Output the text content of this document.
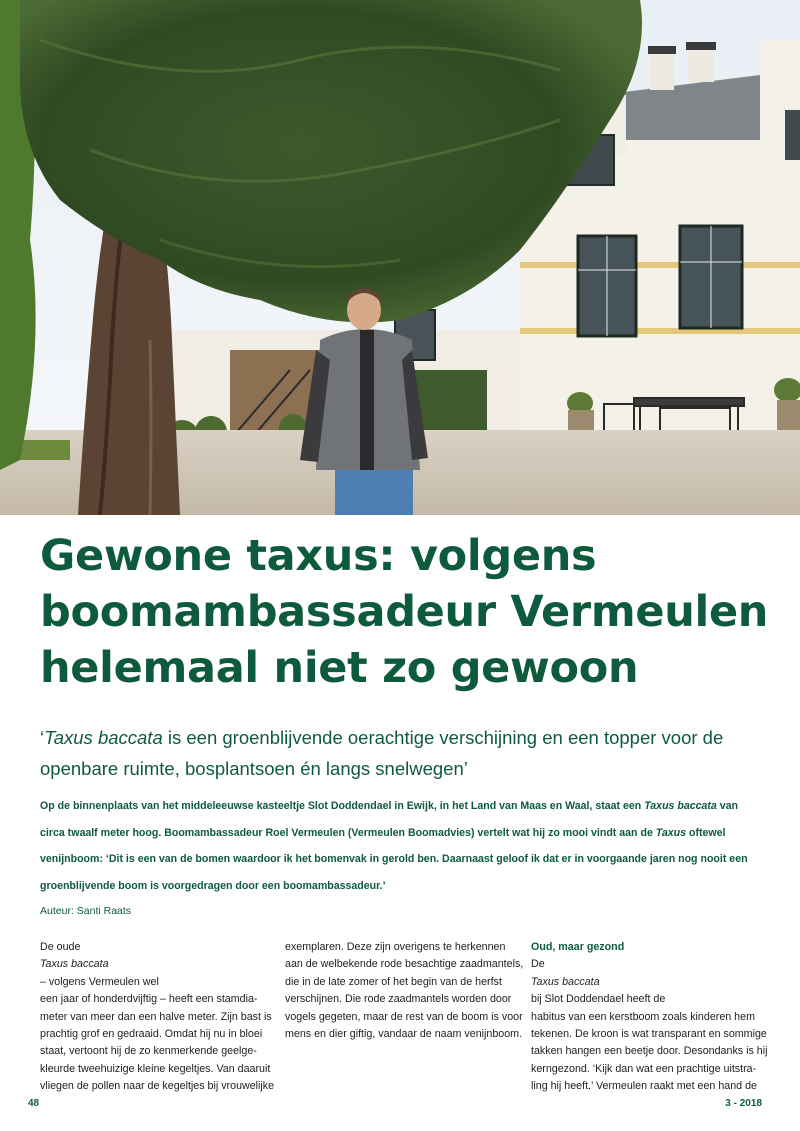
Gewone taxus: volgens
boomambassadeur Vermeulen
helemaal niet zo gewoon
‘Taxus baccata is een groenblijvende oerachtige verschijning en een topper voor de
openbare ruimte, bosplantsoen én langs snelwegen’

Op de binnenplaats van het middeleeuwse kasteeltje Slot Doddendael in Ewijk, in het Land van Maas en Waal, staat een Taxus baccata van circa twaalf meter hoog. Boomambassadeur Roel Vermeulen (Vermeulen Boomadvies) vertelt wat hij zo mooi vindt aan de Taxus oftewel venijnboom: ‘Dit is een van de bomen waardoor ik het bomenvak in gerold ben. Daarnaast geloof ik dat er in voorgaande jaren nog nooit een groenblijvende boom is voorgedragen door een boomambassadeur.’

Auteur: Santi Raats

De oude
Taxus baccata
– volgens Vermeulen wel
een jaar of honderdvijftig – heeft een stamdia-
meter van meer dan een halve meter. Zijn bast is
prachtig grof en gedraaid. Omdat hij nu in bloei
staat, vertoont hij de zo kenmerkende geelge-
kleurde tweehuizige kleine kegeltjes. Van daaruit
vliegen de pollen naar de kegeltjes bij vrouwelijke

exemplaren. Deze zijn overigens te herkennen
aan de welbekende rode besachtige zaadmantels,
die in de late zomer of het begin van de herfst
verschijnen. Die rode zaadmantels worden door
vogels gegeten, maar de rest van de boom is voor
mens en dier giftig, vandaar de naam venijnboom.

Oud, maar gezond
De
Taxus baccata
bij Slot Doddendael heeft de
habitus van een kerstboom zoals kinderen hem
tekenen. De kroon is wat transparant en sommige
takken hangen een beetje door. Desondanks is hij
kerngezond. ‘Kijk dan wat een prachtige uitstra-
ling hij heeft.’ Vermeulen raakt met een hand de

48	3 - 2018
